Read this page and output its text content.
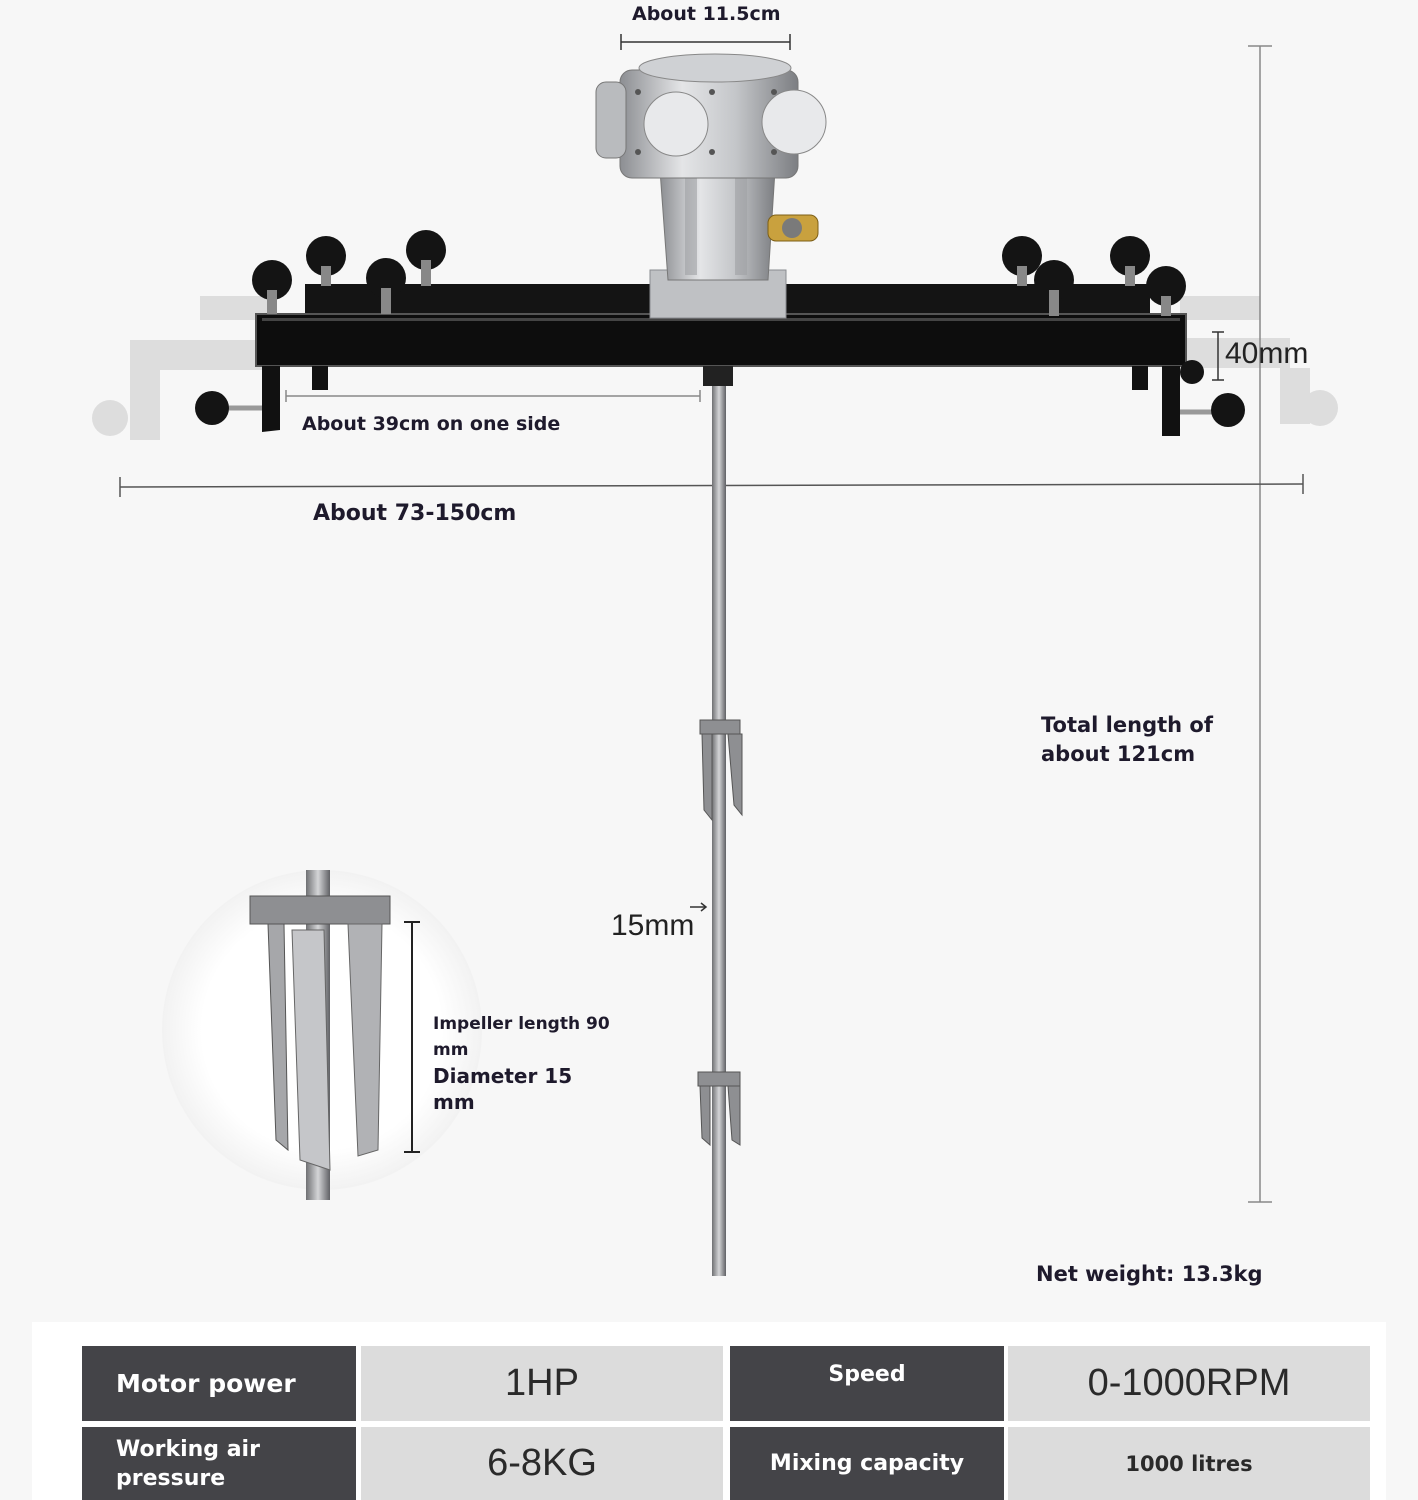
About 11.5cm
40mm
About 39cm on one side
About 73-150cm
Total length of
about 121cm
15mm
Impeller length 90
mm
Diameter 15
mm
Net weight: 13.3kg
Motor power	1HP	Speed	0-1000RPM
Working air
pressure	6-8KG	Mixing capacity	1000 litres
